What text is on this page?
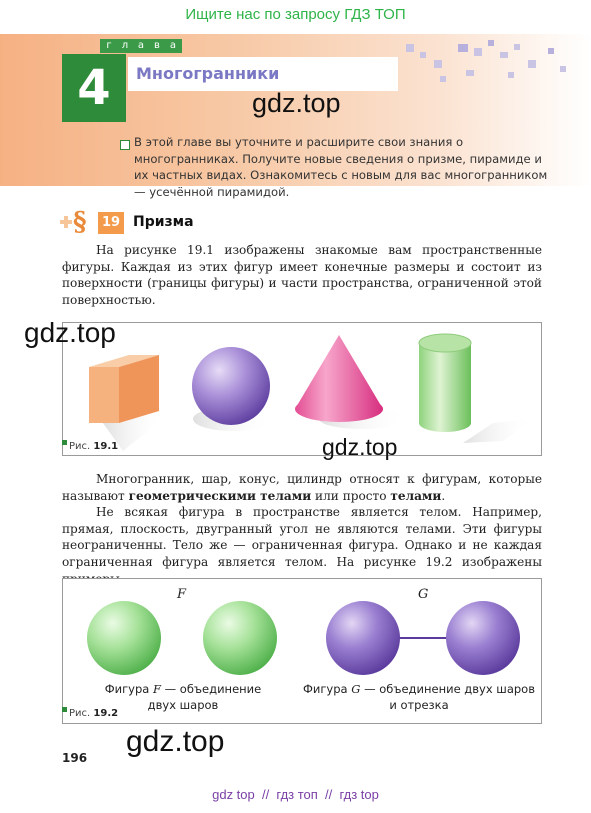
Ищите нас по запросу ГДЗ ТОП
г	л а в а
4	Многогранники
В этой главе вы уточните и расширите свои знания о многогранниках. Получите новые сведения о призме, пирамиде и их частных видах. Ознакомитесь с новым для вас многогранником — усечённой пирамидой.
§	19 Призма

На рисунке 19.1 изображены знакомые вам пространственные фигуры. Каждая из этих фигур имеет конечные размеры и состоит из поверхности (границы фигуры) и части пространства, ограниченной этой поверхностью.

Рис. 19.1

Многогранник, шар, конус, цилиндр относят к фигурам, которые называют геометрическими телами или просто телами.

Не всякая фигура в пространстве является телом. Например, прямая, плоскость, двугранный угол не являются телами. Эти фигуры неограниченны. Тело же — ограниченная фигура. Однако и не каждая ограниченная фигура является телом. На рисунке 19.2 изображены

F	G
Фигура F — объединение
двух шаров
Фигура G — объединение двух шаров
и отрезка
Рис. 19.2
gdz.top
gdz.top
gdz.top
gdz.top
196
gdz top  //  гдз топ  //  гдз top
